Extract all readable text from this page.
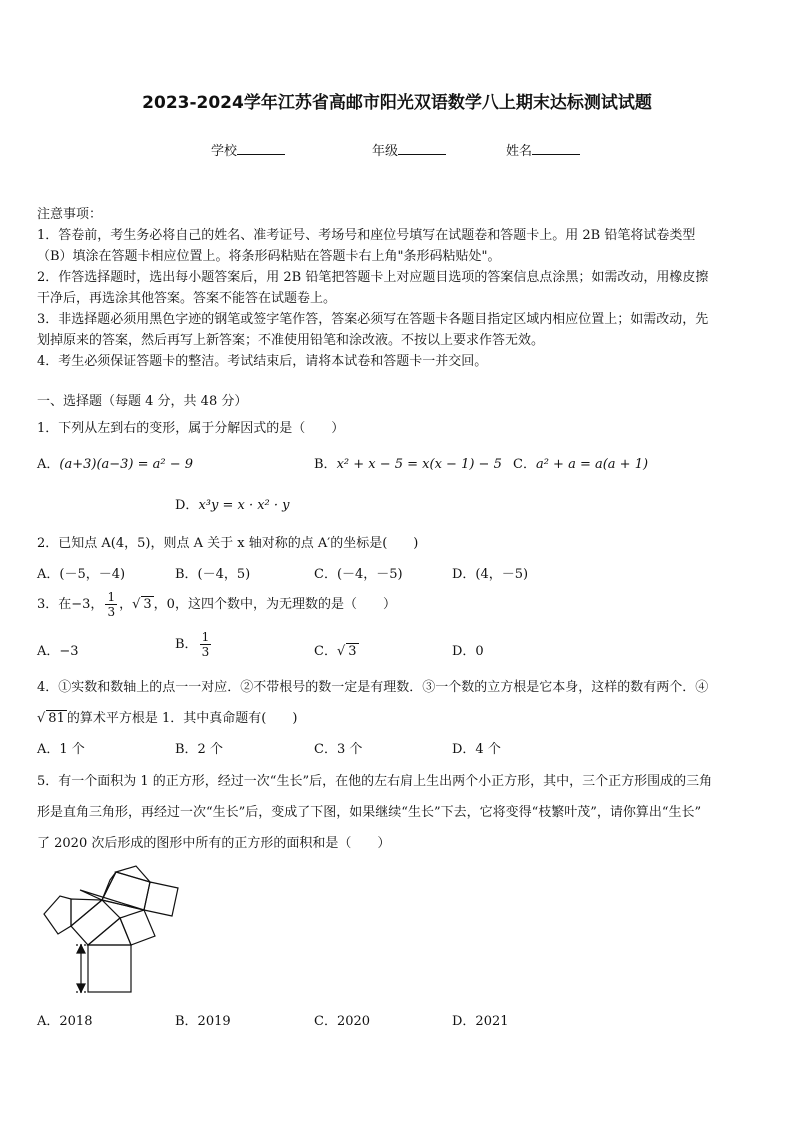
2023-2024学年江苏省高邮市阳光双语数学八上期末达标测试试题
学校	年级	姓名
注意事项：
1．答卷前，考生务必将自己的姓名、准考证号、考场号和座位号填写在试题卷和答题卡上。用 2B 铅笔将试卷类型
（B）填涂在答题卡相应位置上。将条形码粘贴在答题卡右上角"条形码粘贴处"。
2．作答选择题时，选出每小题答案后，用 2B 铅笔把答题卡上对应题目选项的答案信息点涂黑；如需改动，用橡皮擦
干净后，再选涂其他答案。答案不能答在试题卷上。
3．非选择题必须用黑色字迹的钢笔或签字笔作答，答案必须写在答题卡各题目指定区域内相应位置上；如需改动，先
划掉原来的答案，然后再写上新答案；不准使用铅笔和涂改液。不按以上要求作答无效。
4．考生必须保证答题卡的整洁。考试结束后，请将本试卷和答题卡一并交回。
一、选择题（每题 4 分，共 48 分）
1．下列从左到右的变形，属于分解因式的是（　　）
A．(a+3)(a−3) = a² − 9	B．x² + x − 5 = x(x − 1) − 5 C．a² + a = a(a + 1)
D．x³y = x · x² · y
2．已知点 A(4，5)，则点 A 关于 x 轴对称的点 A′的坐标是(　　)
A．(－5，－4)	B．(－4，5)	C．(－4，－5)	D．(4，－5)
3．在−3， $\frac{1}{3}$ ，√ 3 ，0，这四个数中，为无理数的是（　　）
A．−3	B． $\frac{1}{3}$	C．√ 3	D．0
4．①实数和数轴上的点一一对应．②不带根号的数一定是有理数．③一个数的立方根是它本身，这样的数有两个．④
√ 81 的算术平方根是 1．其中真命题有(　　)
A．1 个	B．2 个	C．3 个	D．4 个
5．有一个面积为 1 的正方形，经过一次“生长”后，在他的左右肩上生出两个小正方形，其中，三个正方形围成的三角
形是直角三角形，再经过一次“生长”后，变成了下图，如果继续“生长”下去，它将变得“枝繁叶茂”，请你算出“生长”
了 2020 次后形成的图形中所有的正方形的面积和是（　　）
A．2018	B．2019	C．2020	D．2021
